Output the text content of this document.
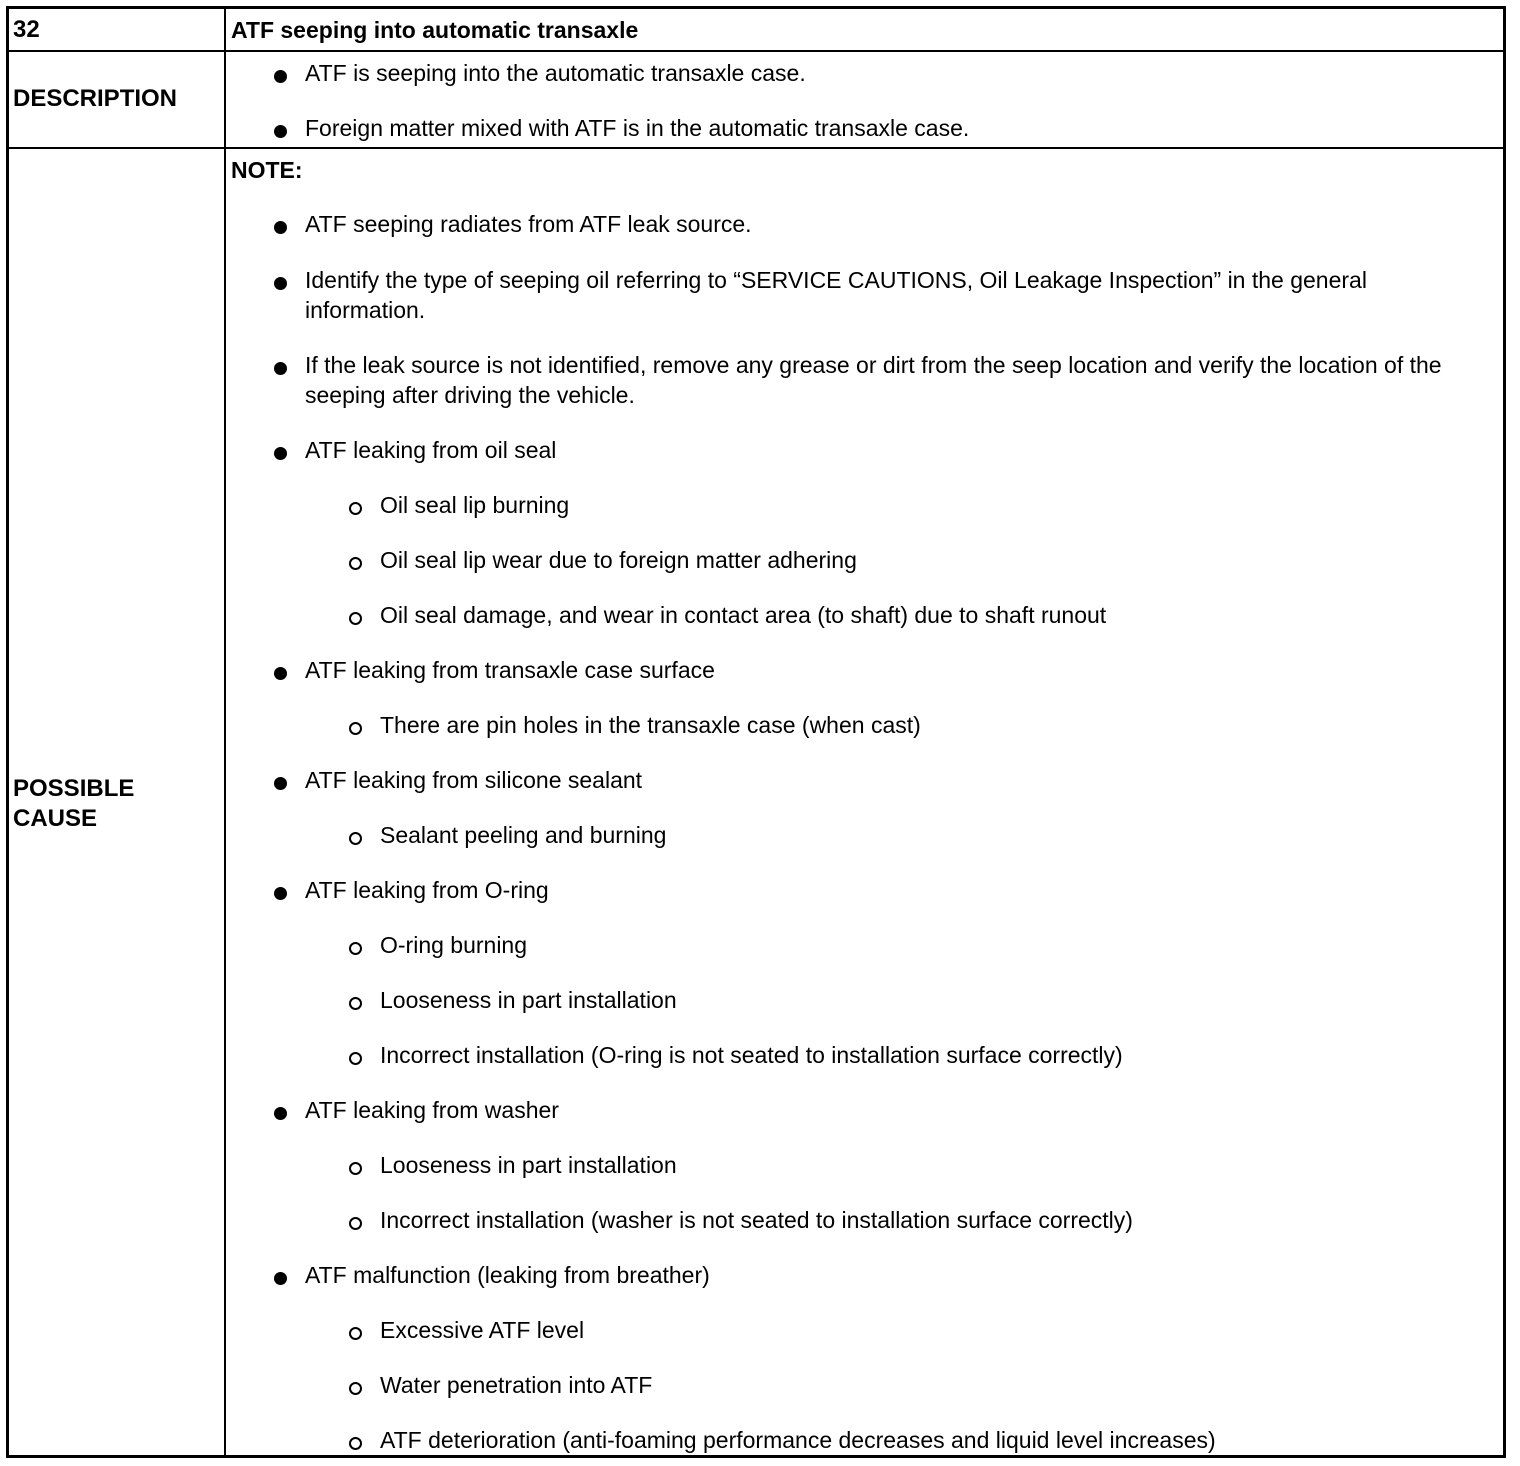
32	ATF seeping into automatic transaxle
DESCRIPTION
ATF is seeping into the automatic transaxle case.
Foreign matter mixed with ATF is in the automatic transaxle case.
POSSIBLE CAUSE
NOTE:
ATF seeping radiates from ATF leak source.
Identify the type of seeping oil referring to “SERVICE CAUTIONS, Oil Leakage Inspection” in the general information.
If the leak source is not identified, remove any grease or dirt from the seep location and verify the location of the seeping after driving the vehicle.
ATF leaking from oil seal
Oil seal lip burning
Oil seal lip wear due to foreign matter adhering
Oil seal damage, and wear in contact area (to shaft) due to shaft runout
ATF leaking from transaxle case surface
There are pin holes in the transaxle case (when cast)
ATF leaking from silicone sealant
Sealant peeling and burning
ATF leaking from O-ring
O-ring burning
Looseness in part installation
Incorrect installation (O-ring is not seated to installation surface correctly)
ATF leaking from washer
Looseness in part installation
Incorrect installation (washer is not seated to installation surface correctly)
ATF malfunction (leaking from breather)
Excessive ATF level
Water penetration into ATF
ATF deterioration (anti-foaming performance decreases and liquid level increases)
